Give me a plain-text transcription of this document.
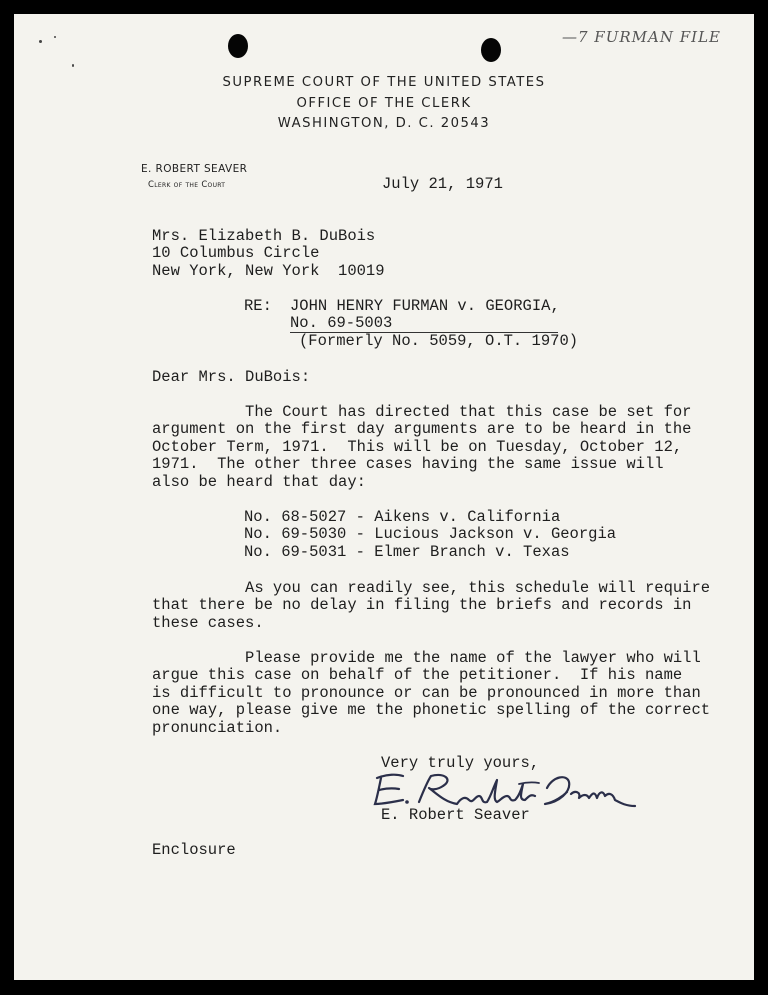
—7 FURMAN FILE
SUPREME COURT OF THE UNITED STATES
OFFICE OF THE CLERK
WASHINGTON, D. C. 20543
E. ROBERT SEAVER
Clerk of the Court	July 21, 1971
Mrs. Elizabeth B. DuBois
10 Columbus Circle
New York, New York  10019
RE: JOHN HENRY FURMAN v. GEORGIA,
No. 69-5003
(Formerly No. 5059, O.T. 1970)
Dear Mrs. DuBois:
The Court has directed that this case be set for
argument on the first day arguments are to be heard in the
October Term, 1971.  This will be on Tuesday, October 12,
1971.  The other three cases having the same issue will
also be heard that day:
No. 68-5027 - Aikens v. California
No. 69-5030 - Lucious Jackson v. Georgia
No. 69-5031 - Elmer Branch v. Texas
As you can readily see, this schedule will require
that there be no delay in filing the briefs and records in
these cases.
Please provide me the name of the lawyer who will
argue this case on behalf of the petitioner.  If his name
is difficult to pronounce or can be pronounced in more than
one way, please give me the phonetic spelling of the correct
pronunciation.
Very truly yours,
E. Robert Seaver
Enclosure
